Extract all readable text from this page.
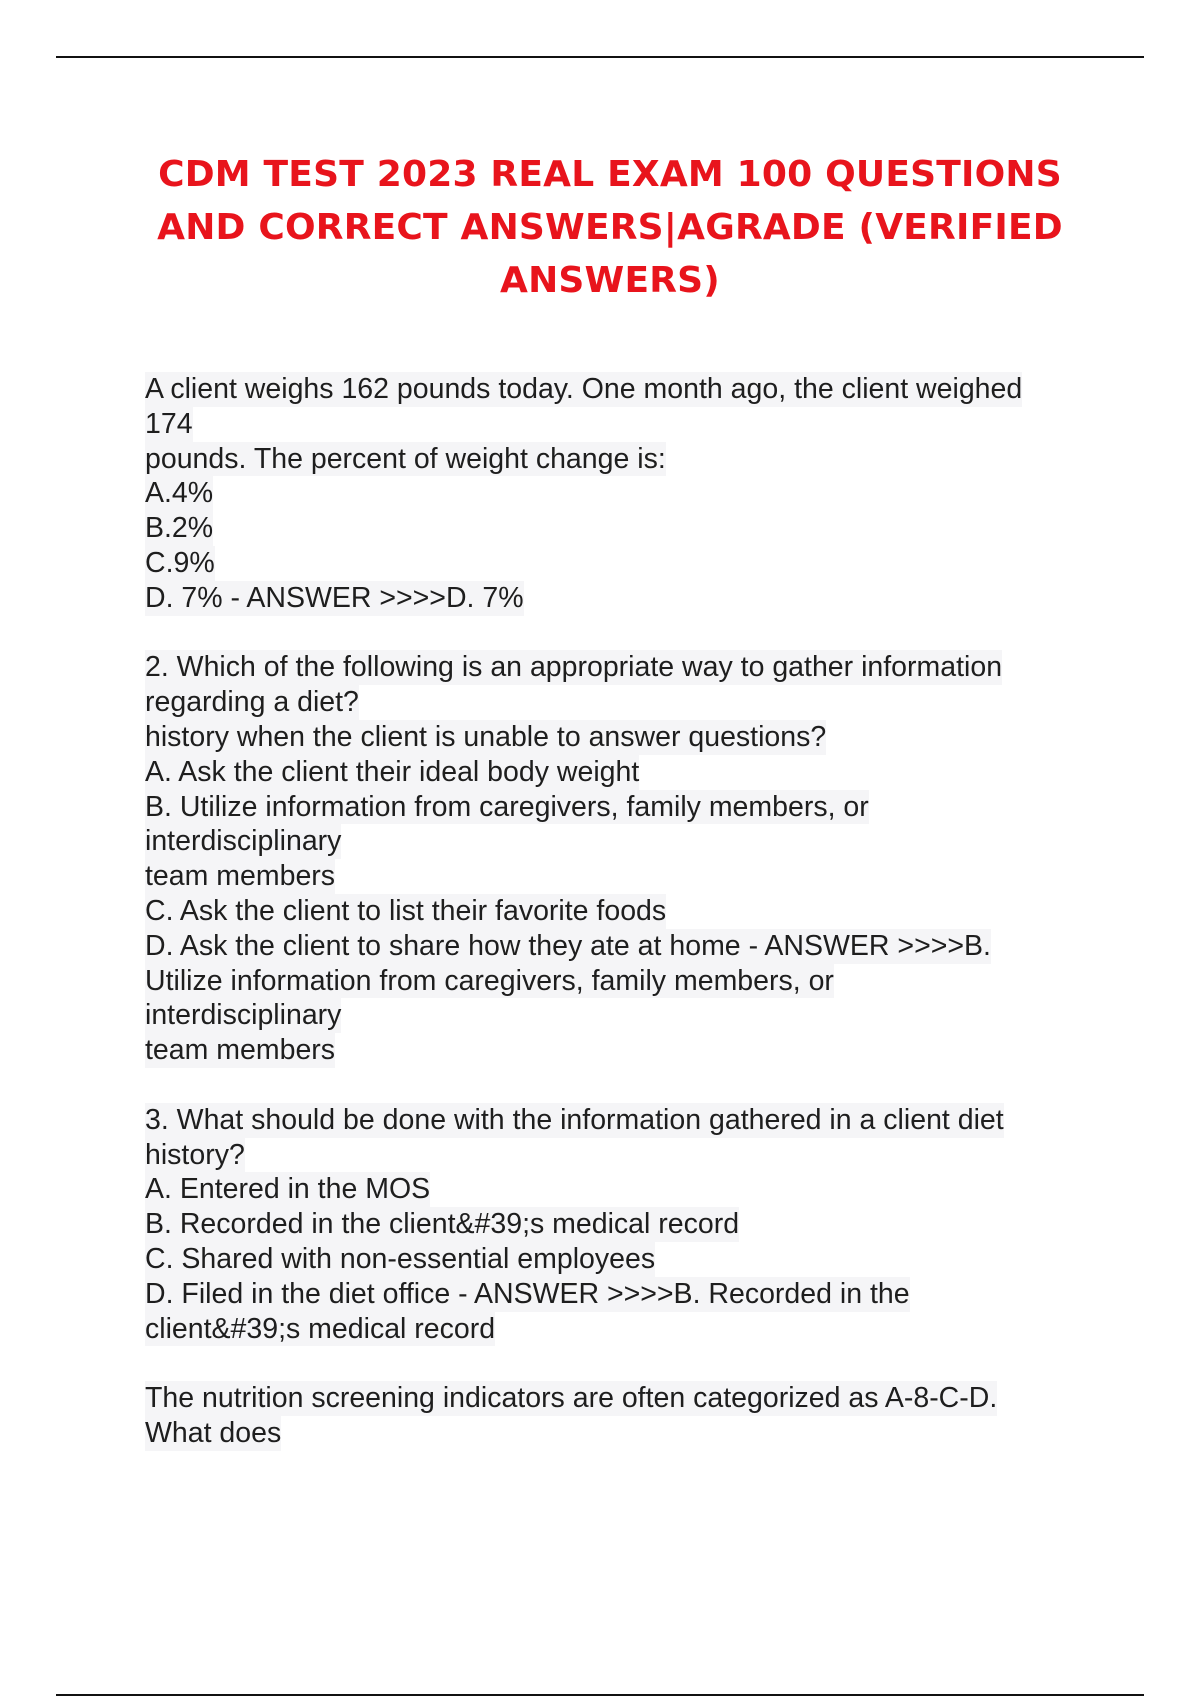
CDM TEST 2023 REAL EXAM 100 QUESTIONS
AND CORRECT ANSWERS|AGRADE (VERIFIED
ANSWERS)
A client weighs 162 pounds today. One month ago, the client weighed
174
pounds. The percent of weight change is:
A.4%
B.2%
C.9%
D. 7% - ANSWER >>>>D. 7%
2. Which of the following is an appropriate way to gather information
regarding a diet?
history when the client is unable to answer questions?
A. Ask the client their ideal body weight
B. Utilize information from caregivers, family members, or
interdisciplinary
team members
C. Ask the client to list their favorite foods
D. Ask the client to share how they ate at home - ANSWER >>>>B.
Utilize information from caregivers, family members, or
interdisciplinary
team members
3. What should be done with the information gathered in a client diet
history?
A. Entered in the MOS
B. Recorded in the client&#39;s medical record
C. Shared with non-essential employees
D. Filed in the diet office - ANSWER >>>>B. Recorded in the
client&#39;s medical record
The nutrition screening indicators are often categorized as A-8-C-D.
What does
